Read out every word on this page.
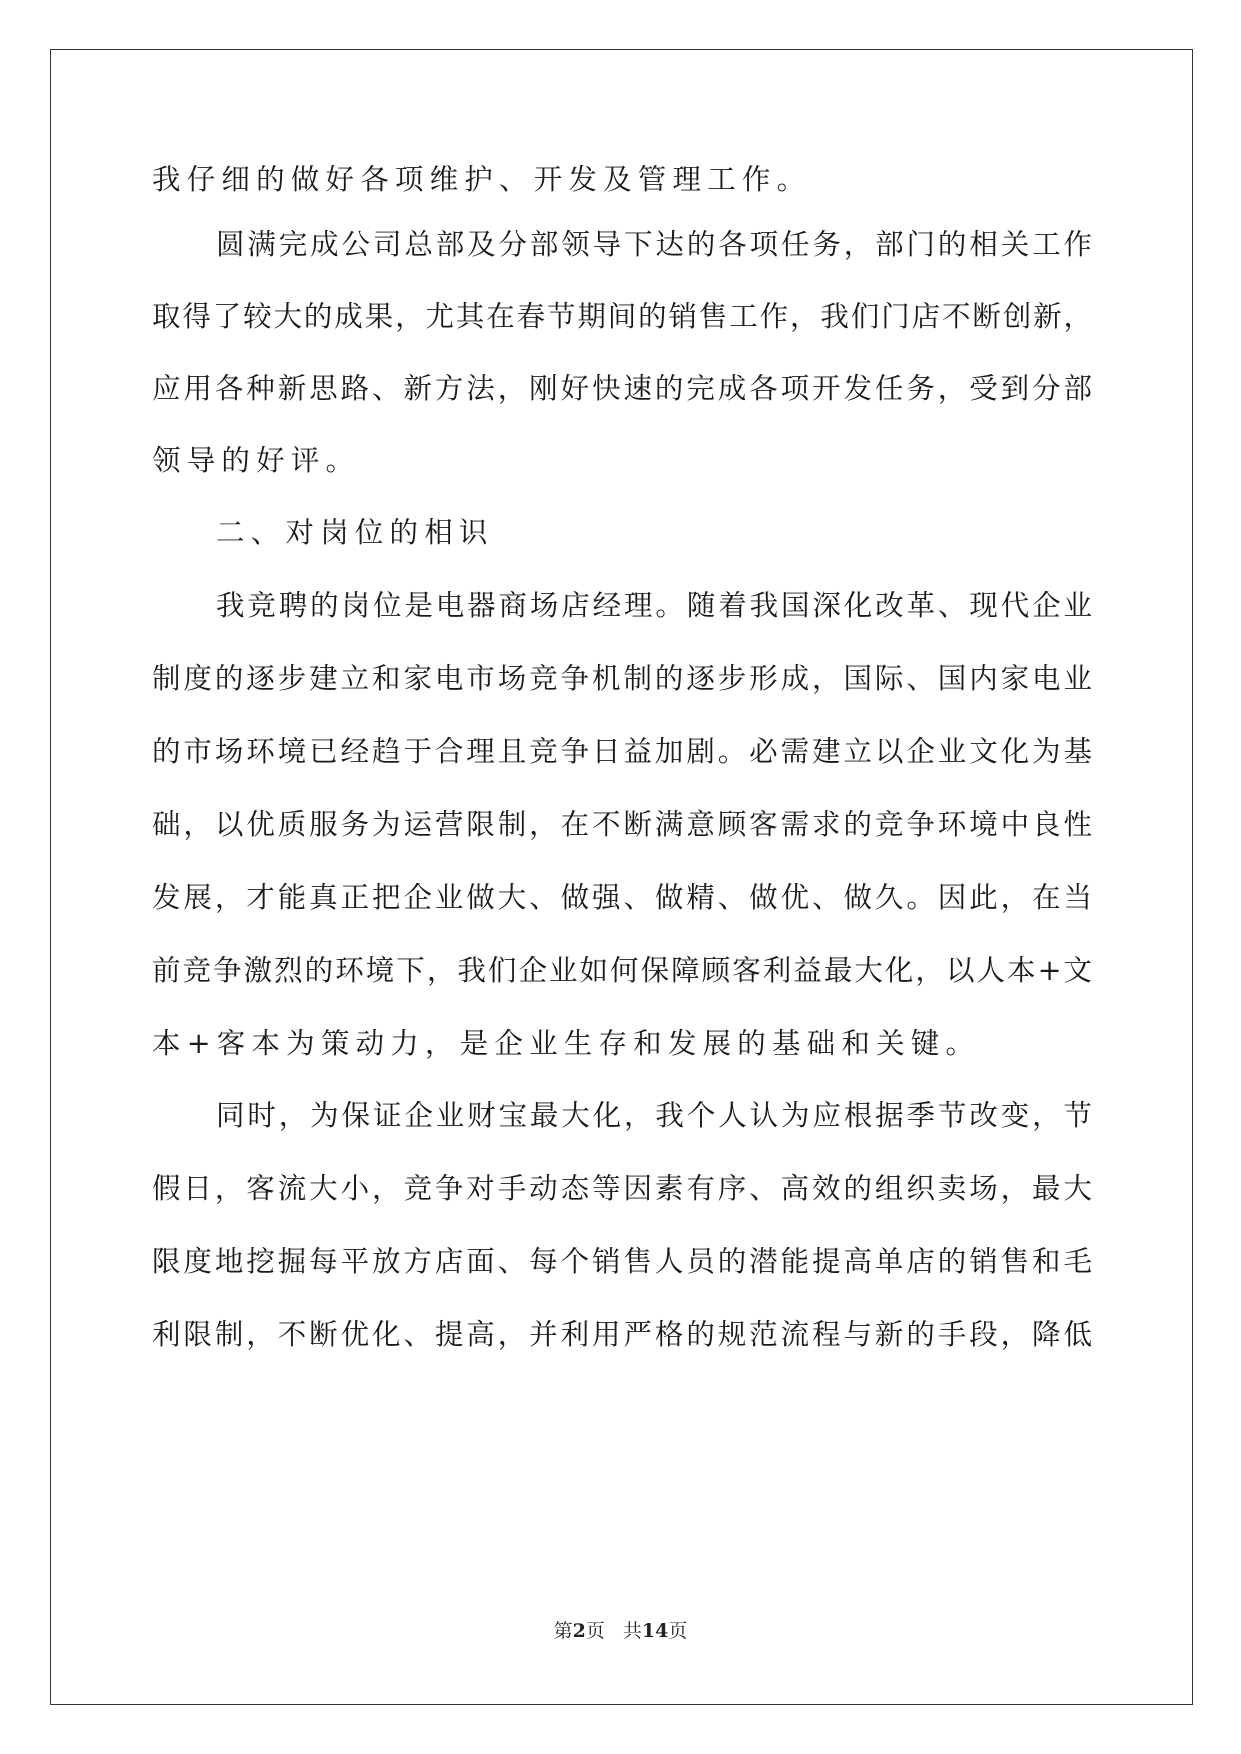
我仔细的做好各项维护、开发及管理工作。
圆满完成公司总部及分部领导下达的各项任务，部门的相关工作
取得了较大的成果，尤其在春节期间的销售工作，我们门店不断创新，
应用各种新思路、新方法，刚好快速的完成各项开发任务，受到分部
领导的好评。
二、对岗位的相识
我竞聘的岗位是电器商场店经理。随着我国深化改革、现代企业
制度的逐步建立和家电市场竞争机制的逐步形成，国际、国内家电业
的市场环境已经趋于合理且竞争日益加剧。必需建立以企业文化为基
础，以优质服务为运营限制，在不断满意顾客需求的竞争环境中良性
发展，才能真正把企业做大、做强、做精、做优、做久。因此，在当
前竞争激烈的环境下，我们企业如何保障顾客利益最大化，以人本+文
本+客本为策动力，是企业生存和发展的基础和关键。
同时，为保证企业财宝最大化，我个人认为应根据季节改变，节
假日，客流大小，竞争对手动态等因素有序、高效的组织卖场，最大
限度地挖掘每平放方店面、每个销售人员的潜能提高单店的销售和毛
利限制，不断优化、提高，并利用严格的规范流程与新的手段，降低
第2页 共14页
